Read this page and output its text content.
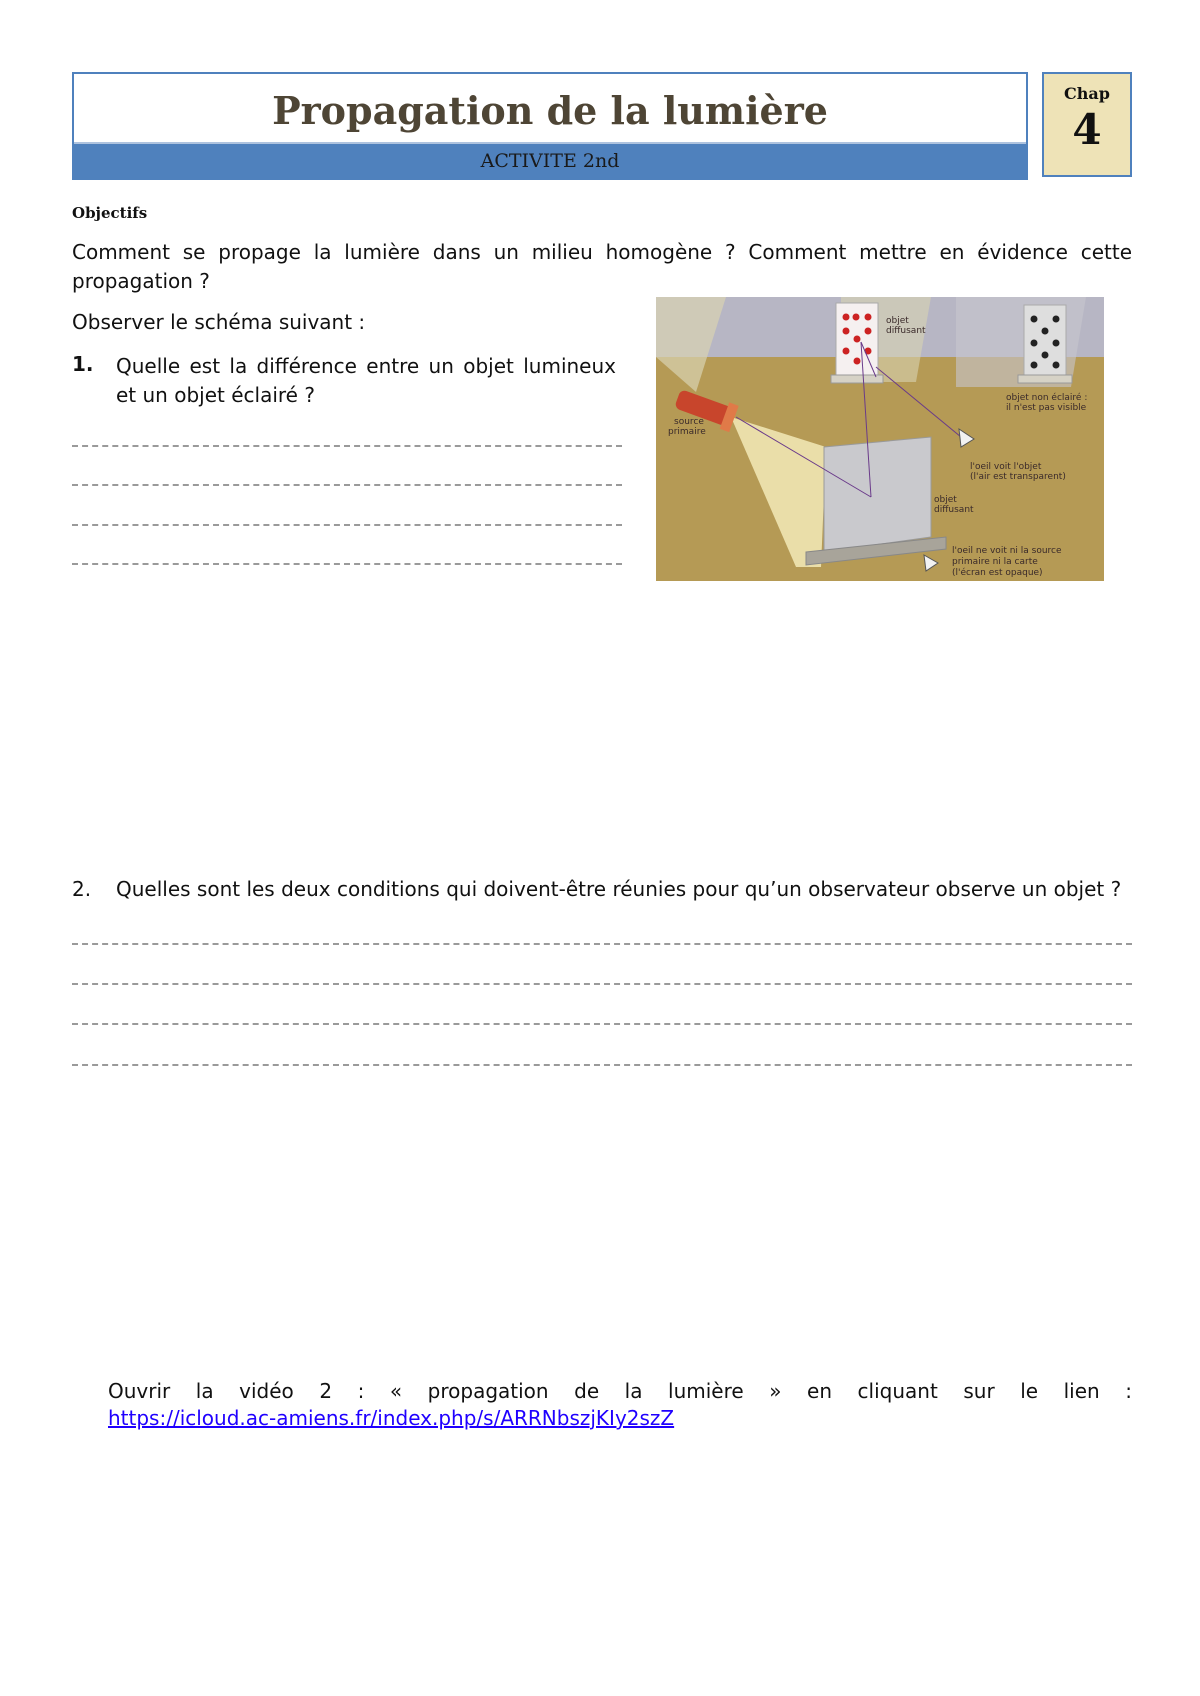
Propagation de la lumière
ACTIVITE 2nd
Chap
4
Objectifs
Comment se propage la lumière dans un milieu homogène ? Comment mettre en évidence cette propagation ?
Observer le schéma suivant :
1. Quelle est la différence entre un objet lumineux et un objet éclairé ?
objet
diffusant
objet non éclairé :
il n'est pas visible
source
primaire
l'oeil voit l'objet
(l'air est transparent)
objet
diffusant
l'oeil ne voit ni la source
primaire ni la carte
(l'écran est opaque)
2. Quelles sont les deux conditions qui doivent-être réunies pour qu’un observateur observe un objet ?
Ouvrir la vidéo 2 : « propagation de la lumière » en cliquant sur le lien :
https://icloud.ac-amiens.fr/index.php/s/ARRNbszjKIy2szZ
